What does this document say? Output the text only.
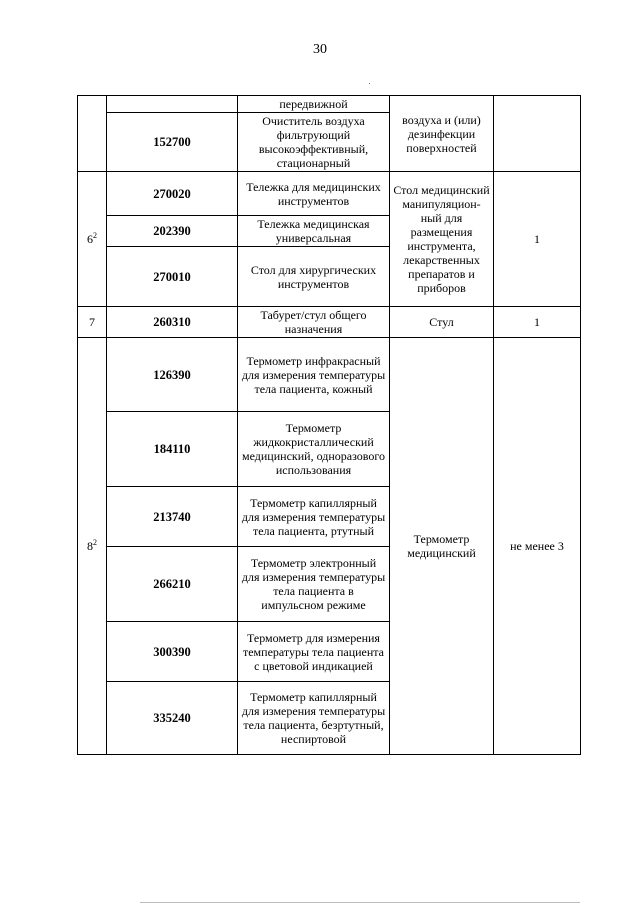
30
		передвижной	воздуха и (или) дезинфекции поверхностей	
	152700	Очиститель воздуха фильтрующий высокоэффективный, стационарный		
$6^2$	270020	Тележка для медицинских инструментов	Стол медицинский манипуляцион-ный для размещения инструмента, лекарственных препаратов и приборов	1
	202390	Тележка медицинская универсальная		
	270010	Стол для хирургических инструментов		
7	260310	Табурет/стул общего назначения	Стул	1
$8^2$	126390	Термометр инфракрасный для измерения температуры тела пациента, кожный	Термометр медицинский	не менее 3
	184110	Термометр жидкокристаллический медицинский, одноразового использования		
	213740	Термометр капиллярный для измерения температуры тела пациента, ртутный		
	266210	Термометр электронный для измерения температуры тела пациента в импульсном режиме		
	300390	Термометр для измерения температуры тела пациента с цветовой индикацией		
	335240	Термометр капиллярный для измерения температуры тела пациента, безртутный, неспиртовой		
